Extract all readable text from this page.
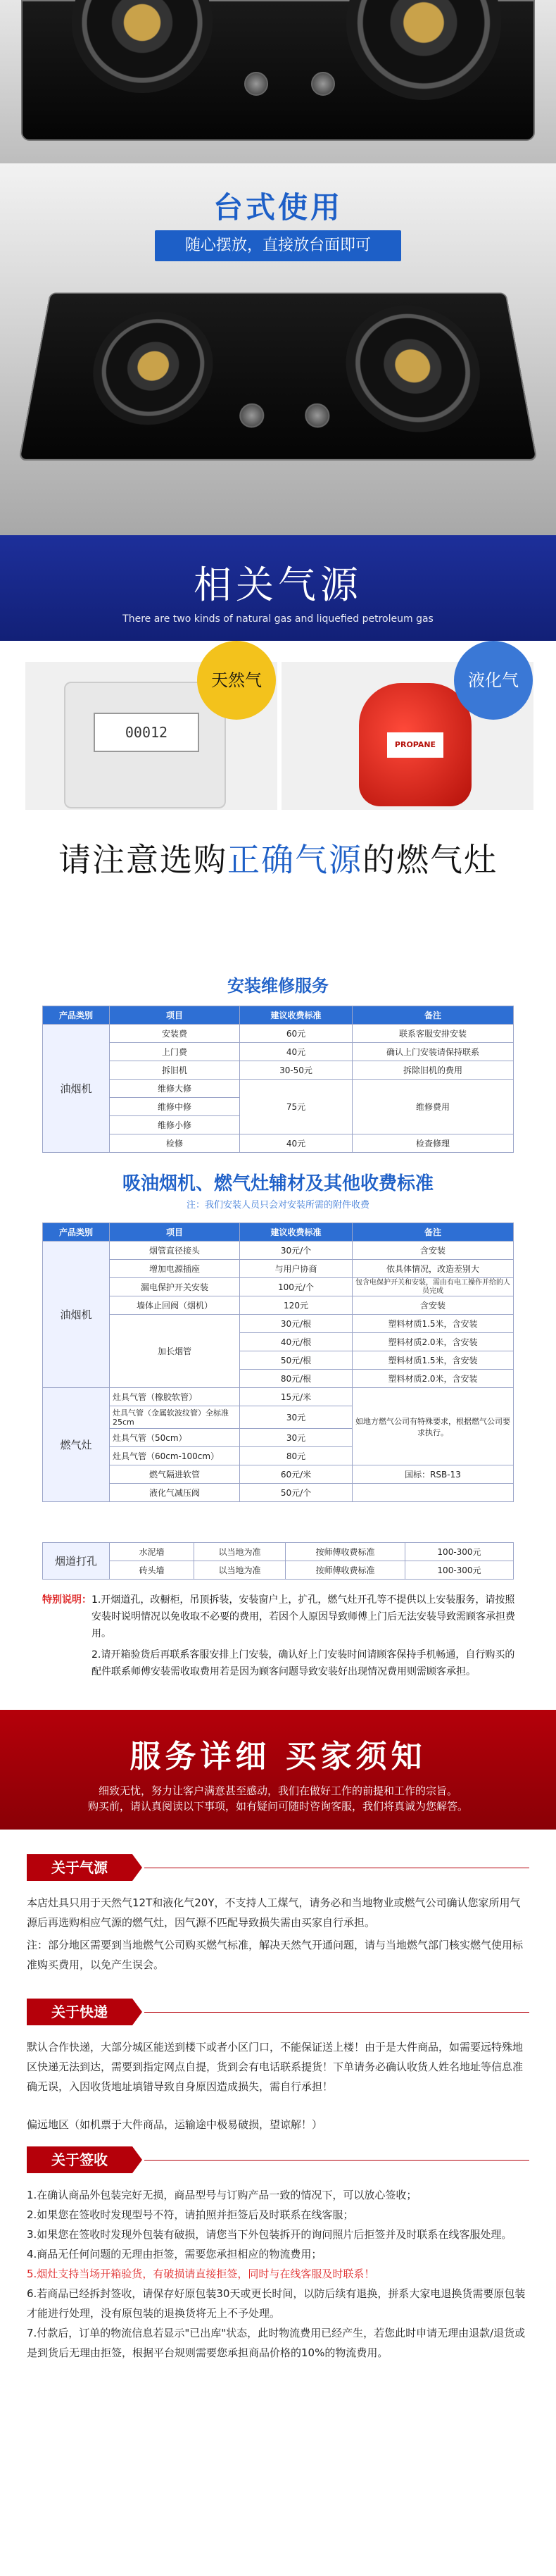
台式使用
随心摆放，直接放台面即可
相关气源

There are two kinds of natural gas and liquefied petroleum gas

00012
天然气
PROPANE
液化气
请注意选购正确气源的燃气灶
安装维修服务
产品类别	项目	建议收费标准	备注
油烟机	安装费	60元	联系客服安排安装
	上门费	40元	确认上门安装请保持联系
	拆旧机	30-50元	拆除旧机的费用
	维修大修	75元	维修费用
	维修中修		
	维修小修		
	检修	40元	检查修理
吸油烟机、燃气灶辅材及其他收费标准
注：我们安装人员只会对安装所需的附件收费
产品类别	项目	建议收费标准	备注
油烟机	烟管直径接头	30元/个	含安装
	增加电源插座	与用户协商	依具体情况，改造差别大
	漏电保护开关安装	100元/个	包含电保护开关和安装，需由有电工操作并给的人员完成
	墙体止回阀（烟机）	120元	含安装
	加长烟管	30元/根	塑料材质1.5米，含安装
		40元/根	塑料材质2.0米，含安装
		50元/根	塑料材质1.5米，含安装
		80元/根	塑料材质2.0米，含安装
燃气灶	灶具气管（橡胶软管）	15元/米	如地方燃气公司有特殊要求，根据燃气公司要求执行。
	灶具气管（金属软波纹管）全标准25cm	30元	
	灶具气管（50cm）	30元	
	灶具气管（60cm-100cm）	80元	
	燃气隔进软管	60元/米	国标：RSB-13
	液化气减压阀	50元/个	
烟道打孔	水泥墙	以当地为准	按师傅收费标准	100-300元
	砖头墙	以当地为准	按师傅收费标准	100-300元
特别说明： 1.开烟道孔，改橱柜，吊顶拆装，安装窗户上，扩孔，燃气灶开孔等不提供以上安装服务，请按照安装时说明情况以免收取不必要的费用，若因个人原因导致师傅上门后无法安装导致需顾客承担费用。

2.请开箱验货后再联系客服安排上门安装，确认好上门安装时间请顾客保持手机畅通，自行购买的配件联系师傅安装需收取费用若是因为顾客问题导致安装好出现情况费用则需顾客承担。

服务详细 买家须知

细致无忧，努力让客户满意甚至感动，我们在做好工作的前提和工作的宗旨。

购买前，请认真阅读以下事项，如有疑问可随时咨询客服，我们将真诚为您解答。

关于气源

本店灶具只用于天然气12T和液化气20Y，不支持人工煤气，请务必和当地物业或燃气公司确认您家所用气源后再选购相应气源的燃气灶，因气源不匹配导致损失需由买家自行承担。

注：部分地区需要到当地燃气公司购买燃气标准，解决天然气开通问题，请与当地燃气部门核实燃气使用标准购买费用，以免产生误会。

关于快递

默认合作快递，大部分城区能送到楼下或者小区门口，不能保证送上楼！由于是大件商品，如需要远特殊地区快递无法到达，需要到指定网点自提，货到会有电话联系提货！下单请务必确认收货人姓名地址等信息准确无误，入因收货地址填错导致自身原因造成损失，需自行承担！

偏远地区（如机票于大件商品，运输途中极易破损，望谅解！）

关于签收

1.在确认商品外包装完好无损，商品型号与订购产品一致的情况下，可以放心签收；

2.如果您在签收时发现型号不符，请拍照并拒签后及时联系在线客服；

3.如果您在签收时发现外包装有破损，请您当下外包装拆开的询问照片后拒签并及时联系在线客服处理。

4.商品无任何问题的无理由拒签，需要您承担相应的物流费用；

5.烟灶支持当场开箱验货，有破损请直接拒签，同时与在线客服及时联系！

6.若商品已经拆封签收，请保存好原包装30天或更长时间，以防后续有退换，拼系大家电退换货需要原包装才能进行处理，没有原包装的退换货将无上不予处理。

7.付款后，订单的物流信息若显示"已出库"状态，此时物流费用已经产生，若您此时申请无理由退款/退货或是到货后无理由拒签，根据平台规则需要您承担商品价格的10%的物流费用。
